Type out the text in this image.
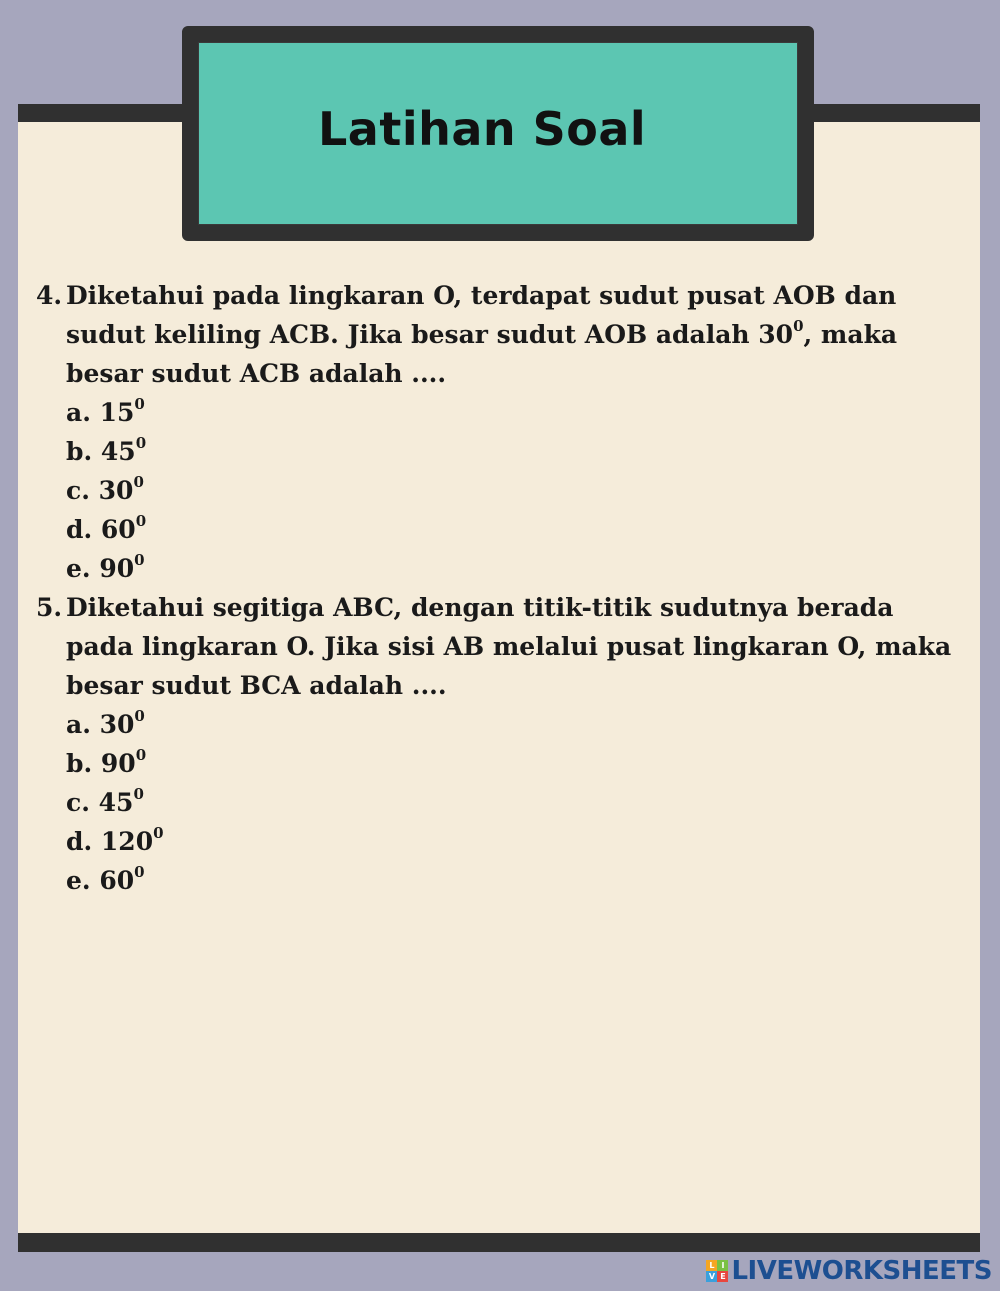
Latihan Soal
4. Diketahui pada lingkaran O, terdapat sudut pusat AOB dan sudut keliling ACB. Jika besar sudut AOB adalah $30^0$, maka besar sudut ACB adalah ....
a. $15^0$
b. $45^0$
c. $30^0$
d. $60^0$
e. $90^0$
5. Diketahui segitiga ABC, dengan titik-titik sudutnya berada pada lingkaran O. Jika sisi AB melalui pusat lingkaran O, maka besar sudut BCA adalah ....
a. $30^0$
b. $90^0$
c. $45^0$
d. $120^0$
e. $60^0$
L I
V E LIVEWORKSHEETS
